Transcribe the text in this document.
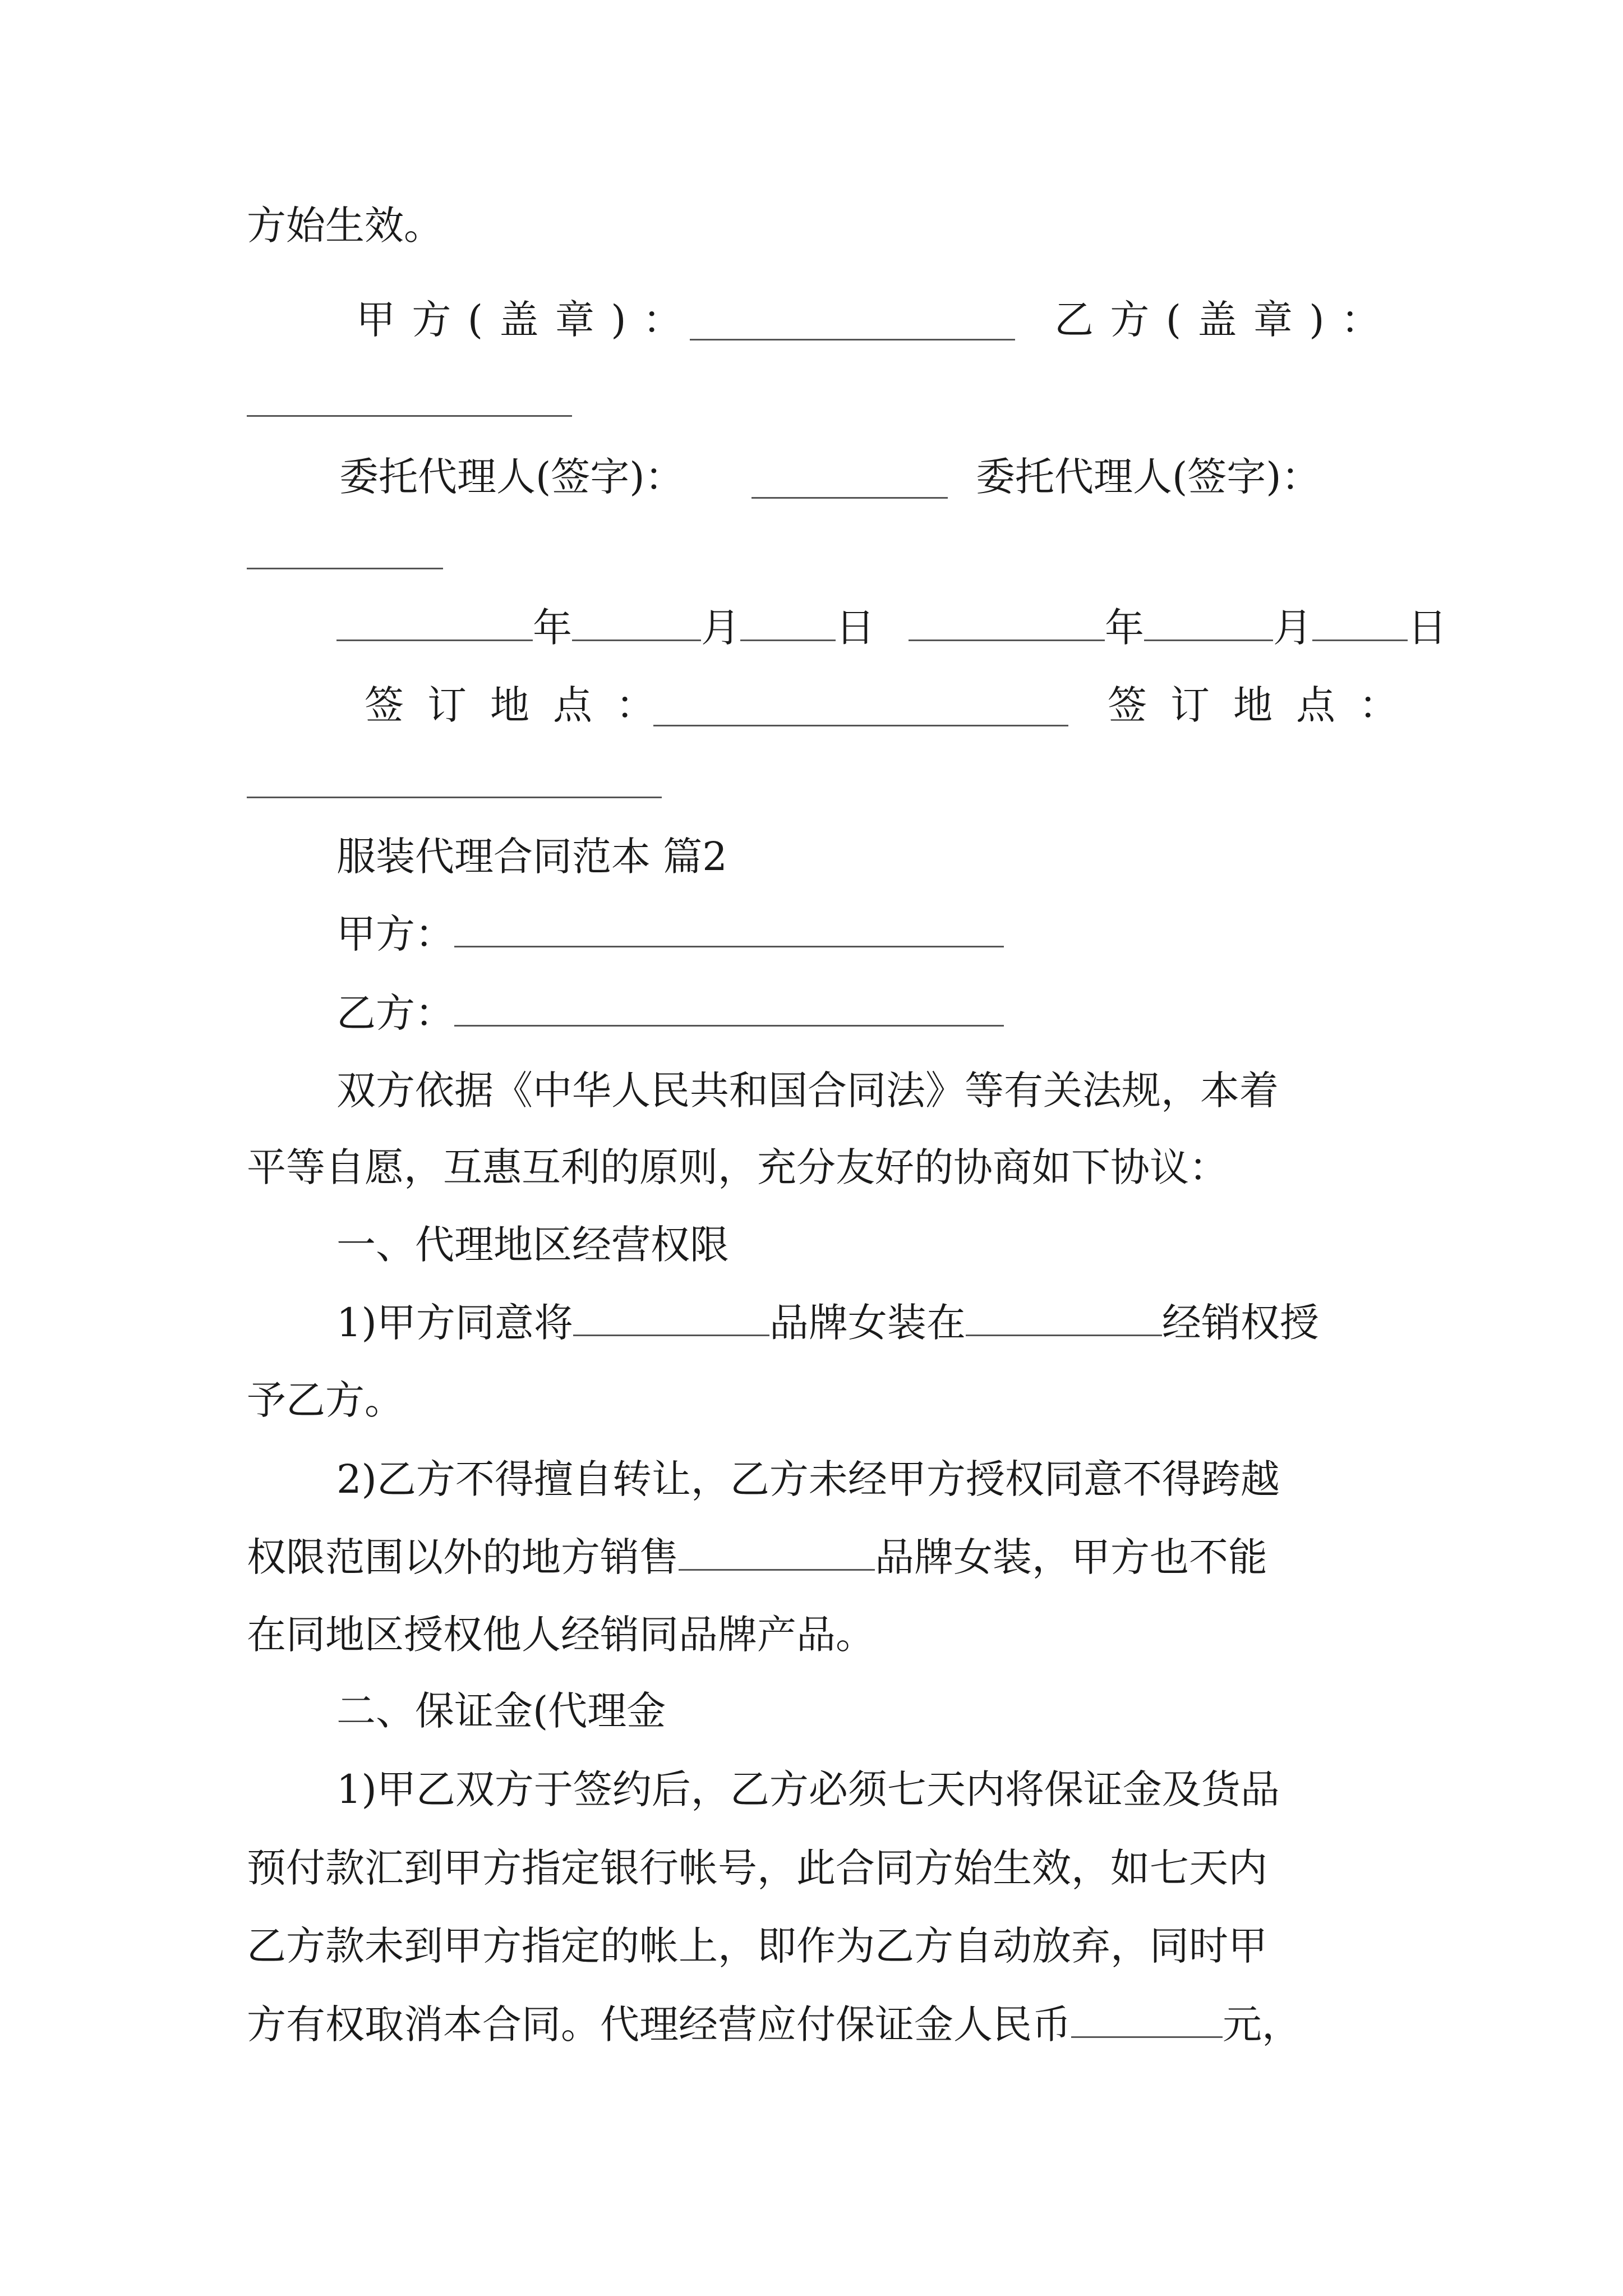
方始生效。
甲方(盖章)：	乙方(盖章)：
委托代理人(签字)：	委托代理人(签字)：
年	月 日	年	月 日
签订地点：	签订地点：
服装代理合同范本 篇2
甲方：
乙方：
双方依据《中华人民共和国合同法》等有关法规，本着
平等自愿，互惠互利的原则，充分友好的协商如下协议：
一、代理地区经营权限
1)甲方同意将	品牌女装在	经销权授
予乙方。
2)乙方不得擅自转让，乙方未经甲方授权同意不得跨越
权限范围以外的地方销售	品牌女装，甲方也不能
在同地区授权他人经销同品牌产品。
二、保证金(代理金
1)甲乙双方于签约后，乙方必须七天内将保证金及货品
预付款汇到甲方指定银行帐号，此合同方始生效，如七天内
乙方款未到甲方指定的帐上，即作为乙方自动放弃，同时甲
方有权取消本合同。代理经营应付保证金人民币	元，
